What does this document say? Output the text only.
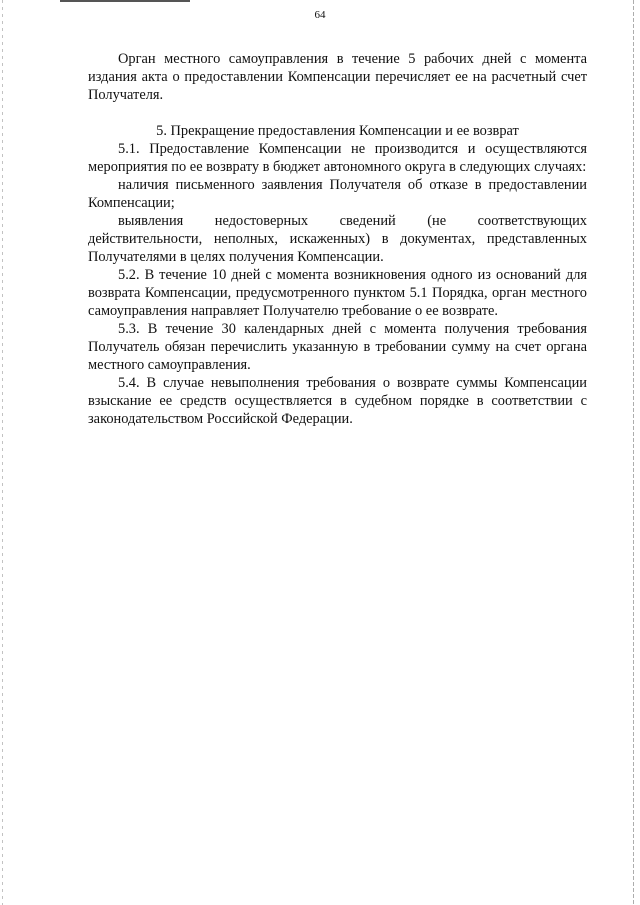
64

Орган местного самоуправления в течение 5 рабочих дней с момента издания акта о предоставлении Компенсации перечисляет ее на расчетный счет Получателя.

5. Прекращение предоставления Компенсации и ее возврат

5.1. Предоставление Компенсации не производится и осуществляются мероприятия по ее возврату в бюджет автономного округа в следующих случаях:

наличия письменного заявления Получателя об отказе в предоставлении Компенсации;

выявления недостоверных сведений (не соответствующих действительности, неполных, искаженных) в документах, представленных Получателями в целях получения Компенсации.

5.2. В течение 10 дней с момента возникновения одного из оснований для возврата Компенсации, предусмотренного пунктом 5.1 Порядка, орган местного самоуправления направляет Получателю требование о ее возврате.

5.3. В течение 30 календарных дней с момента получения требования Получатель обязан перечислить указанную в требовании сумму на счет органа местного самоуправления.

5.4. В случае невыполнения требования о возврате суммы Компенсации взыскание ее средств осуществляется в судебном порядке в соответствии с законодательством Российской Федерации.
